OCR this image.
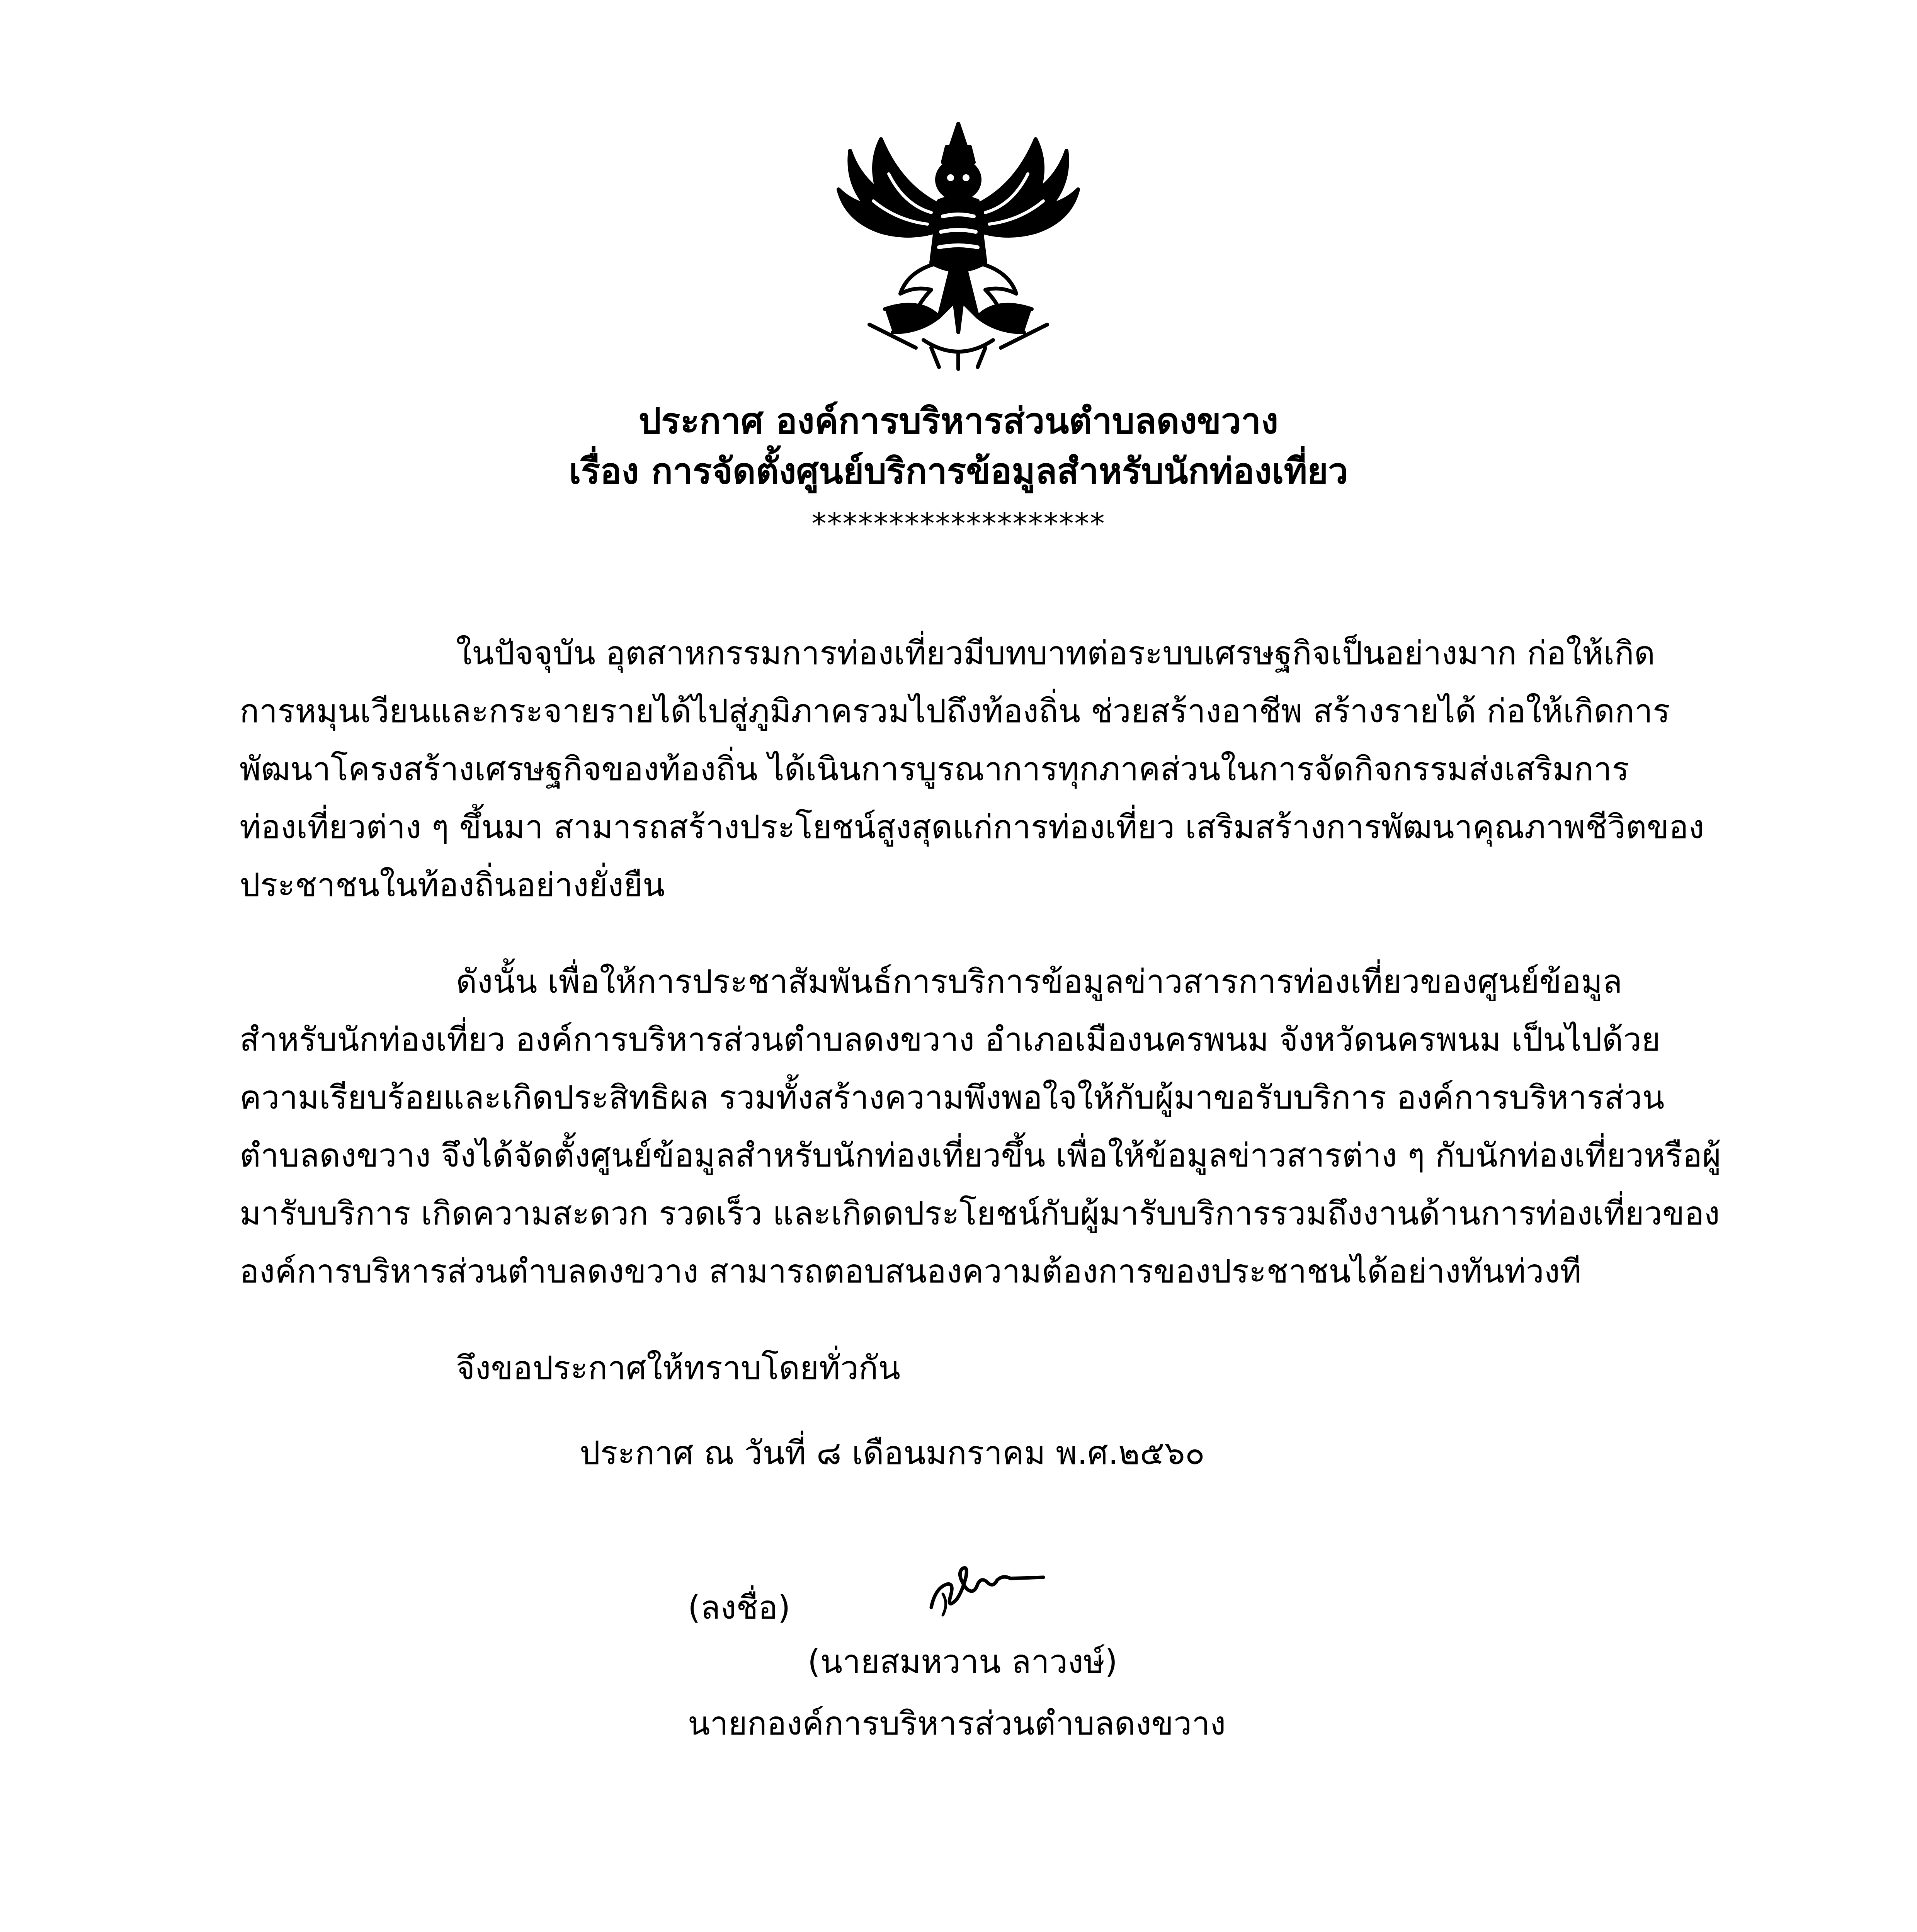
ประกาศ องค์การบริหารส่วนตำบลดงขวาง
เรื่อง การจัดตั้งศูนย์บริการข้อมูลสำหรับนักท่องเที่ยว
*******************
ในปัจจุบัน อุตสาหกรรมการท่องเที่ยวมีบทบาทต่อระบบเศรษฐกิจเป็นอย่างมาก ก่อให้เกิด
การหมุนเวียนและกระจายรายได้ไปสู่ภูมิภาครวมไปถึงท้องถิ่น ช่วยสร้างอาชีพ สร้างรายได้ ก่อให้เกิดการ
พัฒนาโครงสร้างเศรษฐกิจของท้องถิ่น ได้เนินการบูรณาการทุกภาคส่วนในการจัดกิจกรรมส่งเสริมการ
ท่องเที่ยวต่าง ๆ ขึ้นมา สามารถสร้างประโยชน์สูงสุดแก่การท่องเที่ยว เสริมสร้างการพัฒนาคุณภาพชีวิตของ
ประชาชนในท้องถิ่นอย่างยั่งยืน
ดังนั้น เพื่อให้การประชาสัมพันธ์การบริการข้อมูลข่าวสารการท่องเที่ยวของศูนย์ข้อมูล
สำหรับนักท่องเที่ยว องค์การบริหารส่วนตำบลดงขวาง อำเภอเมืองนครพนม จังหวัดนครพนม เป็นไปด้วย
ความเรียบร้อยและเกิดประสิทธิผล รวมทั้งสร้างความพึงพอใจให้กับผู้มาขอรับบริการ องค์การบริหารส่วน
ตำบลดงขวาง จึงได้จัดตั้งศูนย์ข้อมูลสำหรับนักท่องเที่ยวขึ้น เพื่อให้ข้อมูลข่าวสารต่าง ๆ กับนักท่องเที่ยวหรือผู้
มารับบริการ เกิดความสะดวก รวดเร็ว และเกิดดประโยชน์กับผู้มารับบริการรวมถึงงานด้านการท่องเที่ยวของ
องค์การบริหารส่วนตำบลดงขวาง สามารถตอบสนองความต้องการของประชาชนได้อย่างทันท่วงที
จึงขอประกาศให้ทราบโดยทั่วกัน
ประกาศ ณ วันที่ ๘ เดือนมกราคม พ.ศ.๒๕๖๐
(ลงชื่อ)
(นายสมหวาน ลาวงษ์)
นายกองค์การบริหารส่วนตำบลดงขวาง
